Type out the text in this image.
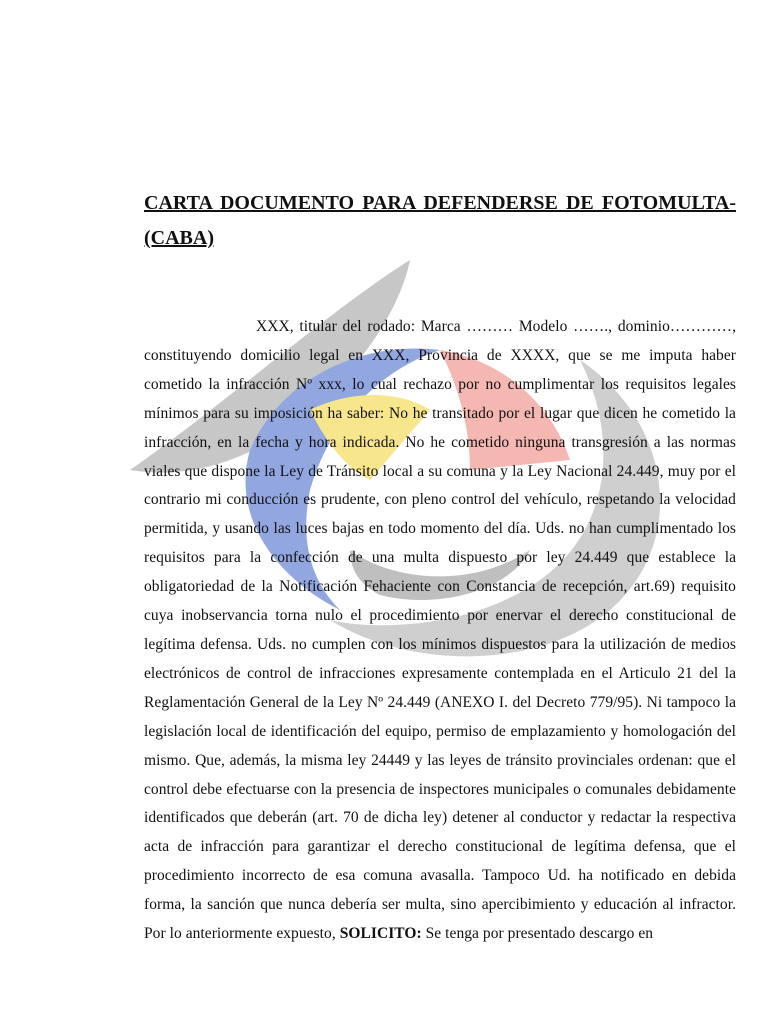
CARTA DOCUMENTO PARA DEFENDERSE DE FOTOMULTA-
(CABA)

XXX, titular del rodado: Marca ……… Modelo ……., dominio…………, constituyendo domicilio legal en XXX, Provincia de XXXX, que se me imputa haber cometido la infracción Nº xxx, lo cual rechazo por no cumplimentar los requisitos legales mínimos para su imposición ha saber: No he transitado por el lugar que dicen he cometido la infracción, en la fecha y hora indicada. No he cometido ninguna transgresión a las normas viales que dispone la Ley de Tránsito local a su comuna y la Ley Nacional 24.449, muy por el contrario mi conducción es prudente, con pleno control del vehículo, respetando la velocidad permitida, y usando las luces bajas en todo momento del día. Uds. no han cumplimentado los requisitos para la confección de una multa dispuesto por ley 24.449 que establece la obligatoriedad de la Notificación Fehaciente con Constancia de recepción, art.69) requisito cuya inobservancia torna nulo el procedimiento por enervar el derecho constitucional de legítima defensa. Uds. no cumplen con los mínimos dispuestos para la utilización de medios electrónicos de control de infracciones expresamente contemplada en el Articulo 21 del la Reglamentación General de la Ley Nº 24.449 (ANEXO I. del Decreto 779/95). Ni tampoco la legislación local de identificación del equipo, permiso de emplazamiento y homologación del mismo. Que, además, la misma ley 24449 y las leyes de tránsito provinciales ordenan: que el control debe efectuarse con la presencia de inspectores municipales o comunales debidamente identificados que deberán (art. 70 de dicha ley) detener al conductor y redactar la respectiva acta de infracción para garantizar el derecho constitucional de legítima defensa, que el procedimiento incorrecto de esa comuna avasalla. Tampoco Ud. ha notificado en debida forma, la sanción que nunca debería ser multa, sino apercibimiento y educación al infractor. Por lo anteriormente expuesto, SOLICITO: Se tenga por presentado descargo en
